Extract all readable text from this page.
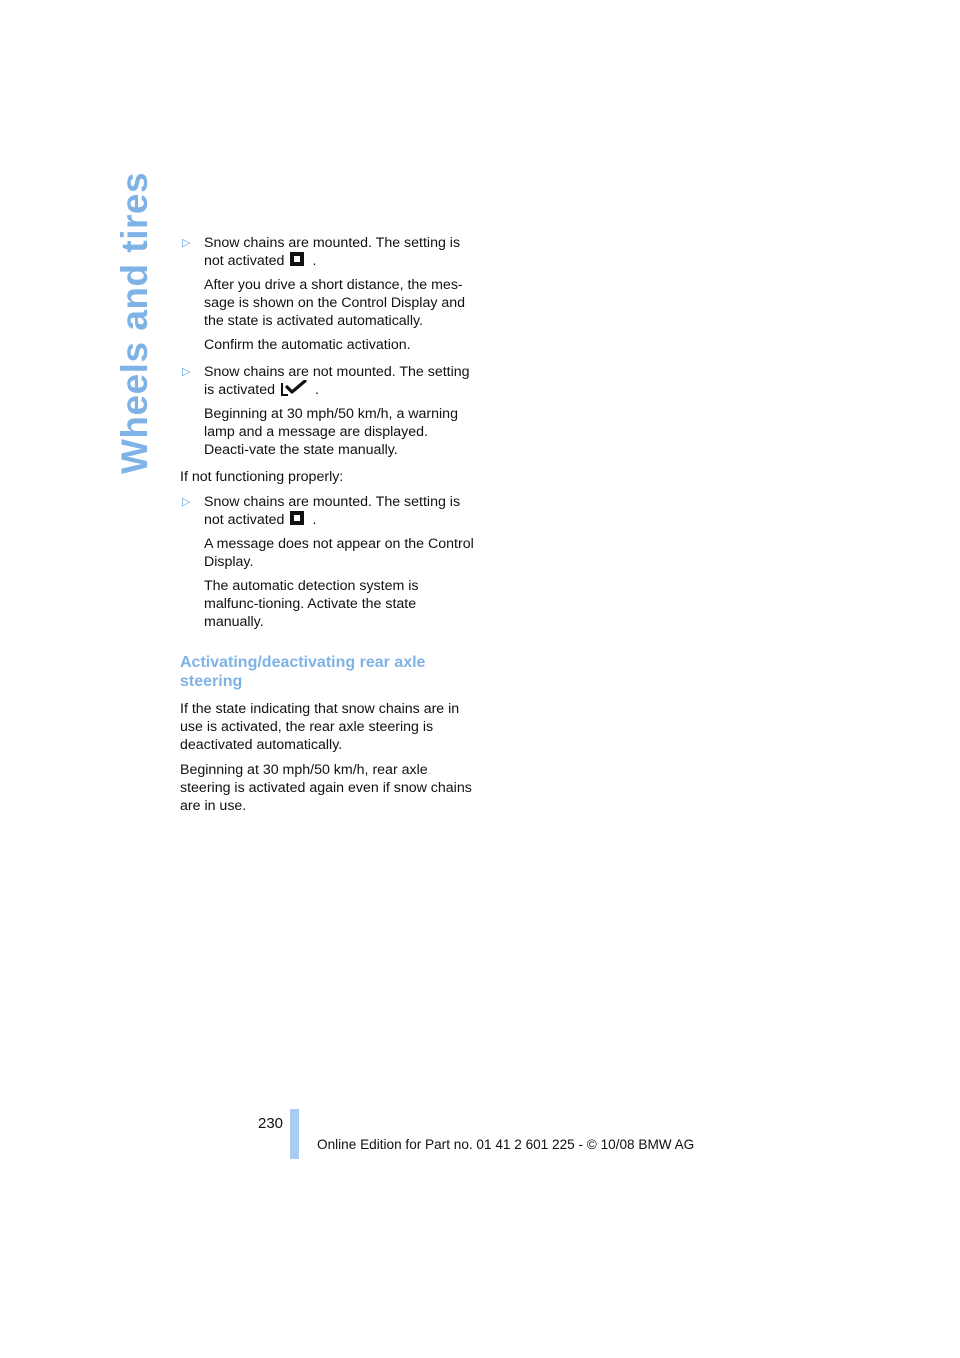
Wheels and tires ▷ Snow chains are mounted. The setting is not activated .

After you drive a short distance, the mes-sage is shown on the Control Display and the state is activated automatically.

Confirm the automatic activation.

▷ Snow chains are not mounted. The setting is activated	.

Beginning at 30 mph/50 km/h, a warning lamp and a message are displayed. Deacti-vate the state manually.

If not functioning properly:

▷ Snow chains are mounted. The setting is not activated .

A message does not appear on the Control Display.

The automatic detection system is malfunc-tioning. Activate the state manually.

Activating/deactivating rear axle steering

If the state indicating that snow chains are in use is activated, the rear axle steering is deactivated automatically.

Beginning at 30 mph/50 km/h, rear axle steering is activated again even if snow chains are in use.

230
Online Edition for Part no. 01 41 2 601 225 - © 10/08 BMW AG
